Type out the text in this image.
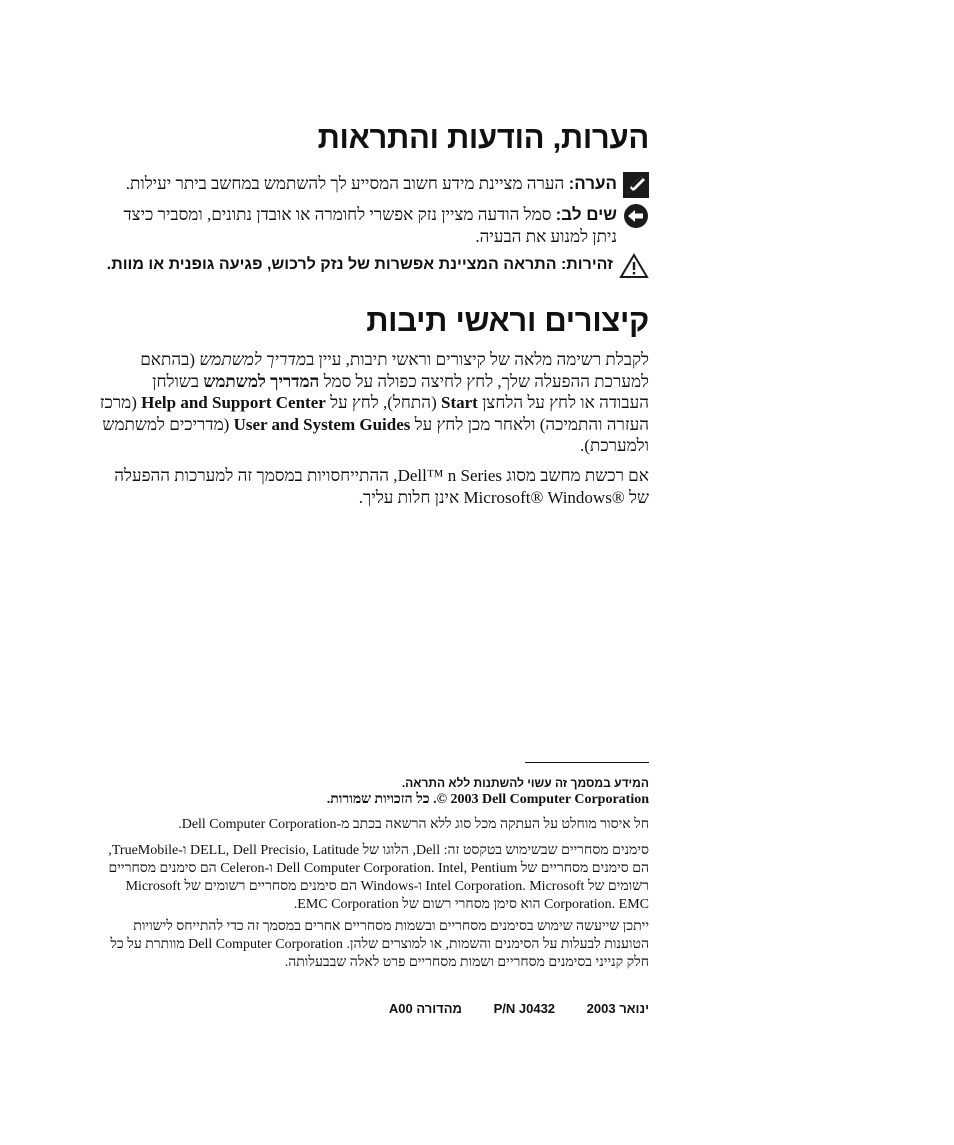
הערות, הודעות והתראות
הערה: הערה מציינת מידע חשוב המסייע לך להשתמש במחשב ביתר יעילות.
שים לב: סמל הודעה מציין נזק אפשרי לחומרה או אובדן נתונים, ומסביר כיצד ניתן למנוע את הבעיה.
זהירות: התראה המציינת אפשרות של נזק לרכוש, פגיעה גופנית או מוות.
קיצורים וראשי תיבות

לקבלת רשימה מלאה של קיצורים וראשי תיבות, עיין במדריך למשתמש (בהתאם למערכת ההפעלה שלך, לחץ לחיצה כפולה על סמל המדריך למשתמש בשולחן העבודה או לחץ על הלחצן Start (התחל), לחץ על Help and Support Center (מרכז העזרה והתמיכה) ולאחר מכן לחץ על User and System Guides (מדריכים למשתמש ולמערכת).

אם רכשת מחשב מסוג Dell™ n Series, ההתייחסויות במסמך זה למערכות ההפעלה של Microsoft® Windows® אינן חלות עליך.

המידע במסמך זה עשוי להשתנות ללא התראה.
© 2003 Dell Computer Corporation. כל הזכויות שמורות.
חל איסור מוחלט על העתקה מכל סוג ללא הרשאה בכתב מ-Dell Computer Corporation.
סימנים מסחריים שבשימוש בטקסט זה: Dell, הלוגו של DELL, Dell Precisio, Latitude ו-TrueMobile, הם סימנים מסחריים של Dell Computer Corporation. Intel, Pentium ו-Celeron הם סימנים מסחריים רשומים של Intel Corporation. Microsoft ו-Windows הם סימנים מסחריים רשומים של Microsoft Corporation. EMC הוא סימן מסחרי רשום של EMC Corporation.
ייתכן שייעשה שימוש בסימנים מסחריים ובשמות מסחריים אחרים במסמך זה כדי להתייחס לישויות הטוענות לבעלות על הסימנים והשמות, או למוצרים שלהן. Dell Computer Corporation מוותרת על כל חלק קנייני בסימנים מסחריים ושמות מסחריים פרט לאלה שבבעלותה.
ינואר 2003 P/N J0432 מהדורה A00
